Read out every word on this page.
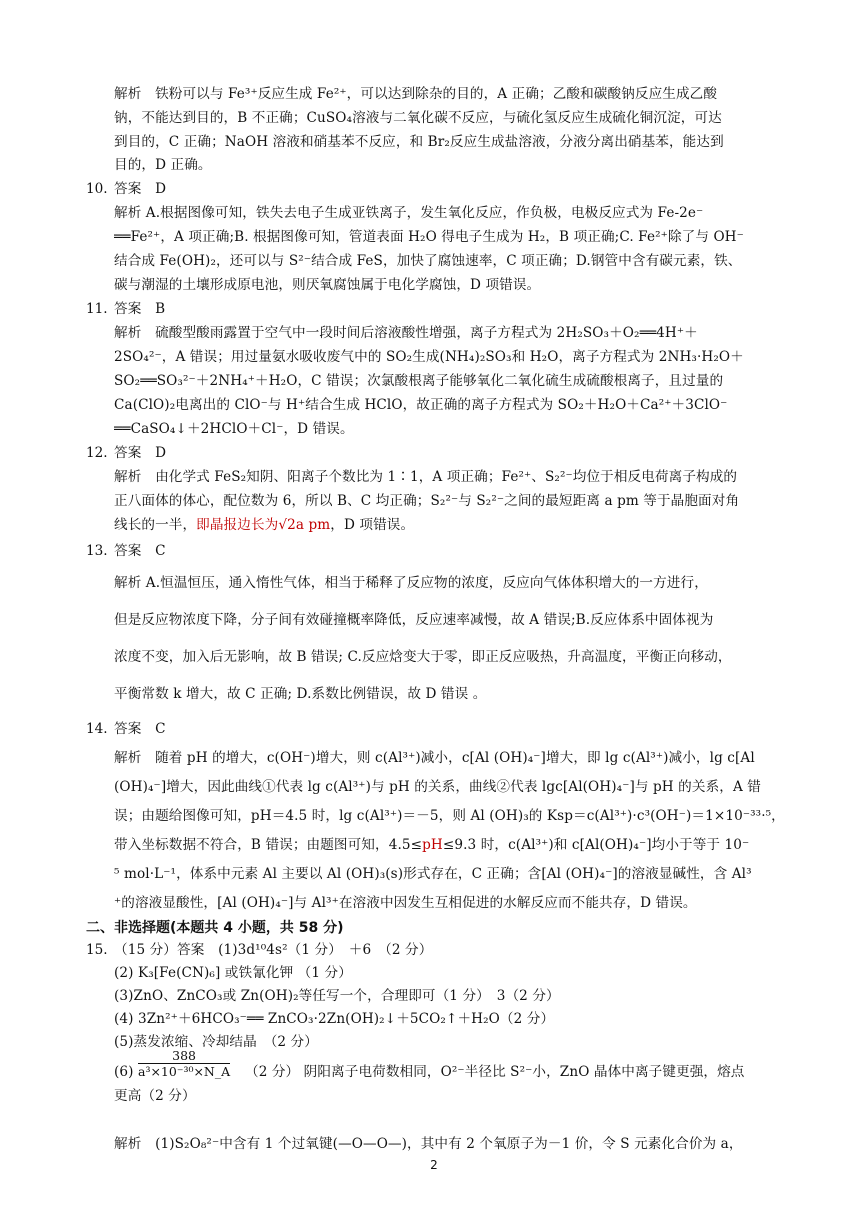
解析　铁粉可以与 Fe³⁺反应生成 Fe²⁺，可以达到除杂的目的，A 正确；乙酸和碳酸钠反应生成乙酸
钠，不能达到目的，B 不正确；CuSO₄溶液与二氧化碳不反应，与硫化氢反应生成硫化铜沉淀，可达
到目的，C 正确；NaOH 溶液和硝基苯不反应，和 Br₂反应生成盐溶液，分液分离出硝基苯，能达到
目的，D 正确。
10. 答案　D
解析 A.根据图像可知，铁失去电子生成亚铁离子，发生氧化反应，作负极，电极反应式为 Fe-2e⁻
══Fe²⁺，A 项正确;B. 根据图像可知，管道表面 H₂O 得电子生成为 H₂，B 项正确;C. Fe²⁺除了与 OH⁻
结合成 Fe(OH)₂，还可以与 S²⁻结合成 FeS，加快了腐蚀速率，C 项正确；D.钢管中含有碳元素，铁、
碳与潮湿的土壤形成原电池，则厌氧腐蚀属于电化学腐蚀，D 项错误。
11. 答案　B
解析　硫酸型酸雨露置于空气中一段时间后溶液酸性增强，离子方程式为 2H₂SO₃＋O₂══4H⁺＋
2SO₄²⁻，A 错误；用过量氨水吸收废气中的 SO₂生成(NH₄)₂SO₃和 H₂O，离子方程式为 2NH₃·H₂O＋
SO₂══SO₃²⁻＋2NH₄⁺＋H₂O，C 错误；次氯酸根离子能够氧化二氧化硫生成硫酸根离子，且过量的
Ca(ClO)₂电离出的 ClO⁻与 H⁺结合生成 HClO，故正确的离子方程式为 SO₂＋H₂O＋Ca²⁺＋3ClO⁻
══CaSO₄↓＋2HClO＋Cl⁻，D 错误。
12. 答案　D
解析　由化学式 FeS₂知阴、阳离子个数比为 1∶1，A 项正确；Fe²⁺、S₂²⁻均位于相反电荷离子构成的
正八面体的体心，配位数为 6，所以 B、C 均正确；S₂²⁻与 S₂²⁻之间的最短距离 a pm 等于晶胞面对角
线长的一半，即晶报边长为√2a pm，D 项错误。
13. 答案　C
解析 A.恒温恒压，通入惰性气体，相当于稀释了反应物的浓度，反应向气体体积增大的一方进行，
但是反应物浓度下降，分子间有效碰撞概率降低，反应速率减慢，故 A 错误;B.反应体系中固体视为
浓度不变，加入后无影响，故 B 错误; C.反应焓变大于零，即正反应吸热，升高温度，平衡正向移动，
平衡常数 k 增大，故 C 正确; D.系数比例错误，故 D 错误 。
14. 答案　C
解析　随着 pH 的增大，c(OH⁻)增大，则 c(Al³⁺)减小，c[Al (OH)₄⁻]增大，即 lg c(Al³⁺)减小，lg c[Al
(OH)₄⁻]增大，因此曲线①代表 lg c(Al³⁺)与 pH 的关系，曲线②代表 lgc[Al(OH)₄⁻]与 pH 的关系，A 错
误；由题给图像可知，pH＝4.5 时，lg c(Al³⁺)＝－5，则 Al (OH)₃的 Ksp＝c(Al³⁺)·c³(OH⁻)＝1×10⁻³³·⁵，
带入坐标数据不符合，B 错误；由题图可知，4.5≤pH≤9.3 时，c(Al³⁺)和 c[Al(OH)₄⁻]均小于等于 10⁻
⁵ mol·L⁻¹，体系中元素 Al 主要以 Al (OH)₃(s)形式存在，C 正确；含[Al (OH)₄⁻]的溶液显碱性，含 Al³
⁺的溶液显酸性，[Al (OH)₄⁻]与 Al³⁺在溶液中因发生互相促进的水解反应而不能共存，D 错误。
二、非选择题(本题共 4 小题，共 58 分)
15. （15 分）答案　(1)3d¹⁰4s²（1 分）　＋6　（2 分）
(2) K₃[Fe(CN)₆] 或铁氰化钾 （1 分）
(3)ZnO、ZnCO₃或 Zn(OH)₂等任写一个，合理即可（1 分）　3（2 分）
(4) 3Zn²⁺＋6HCO₃⁻══ ZnCO₃·2Zn(OH)₂↓＋5CO₂↑＋H₂O（2 分）
(5)蒸发浓缩、冷却结晶　（2 分）
$(6) \frac{388}{\text{a³×10⁻³⁰×N\_A}} (2$ 分） 阴阳离子电荷数相同，O²⁻半径比 S²⁻小，ZnO 晶体中离子键更强，熔点
更高（2 分）
解析　(1)S₂O₈²⁻中含有 1 个过氧键(—O—O—)，其中有 2 个氧原子为－1 价，令 S 元素化合价为 a，
2
